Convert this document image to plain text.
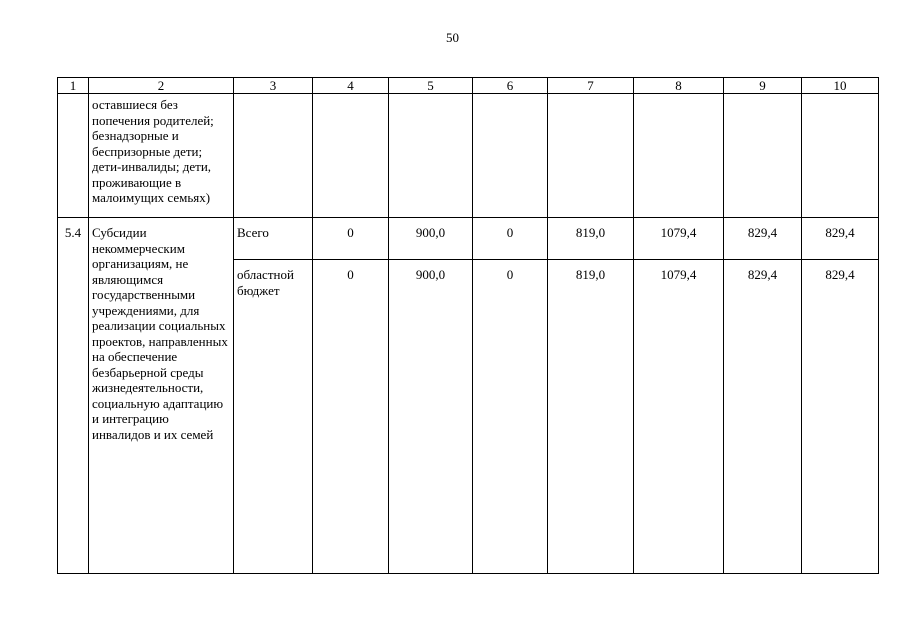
50
1	2	3	4	5	6	7	8	9	10
	оставшиеся без попечения родителей; безнадзорные и беспризорные дети; дети-инвалиды; дети, проживающие в малоимущих семьях)								
5.4	Субсидии некоммерческим организациям, не являющимся государственными учреждениями, для реализации социальных проектов, направленных на обеспечение безбарьерной среды жизнедеятельности, социальную адаптацию и интеграцию инвалидов и их семей	Всего	0	900,0	0	819,0	1079,4	829,4	829,4
		областной бюджет	0	900,0	0	819,0	1079,4	829,4	829,4
